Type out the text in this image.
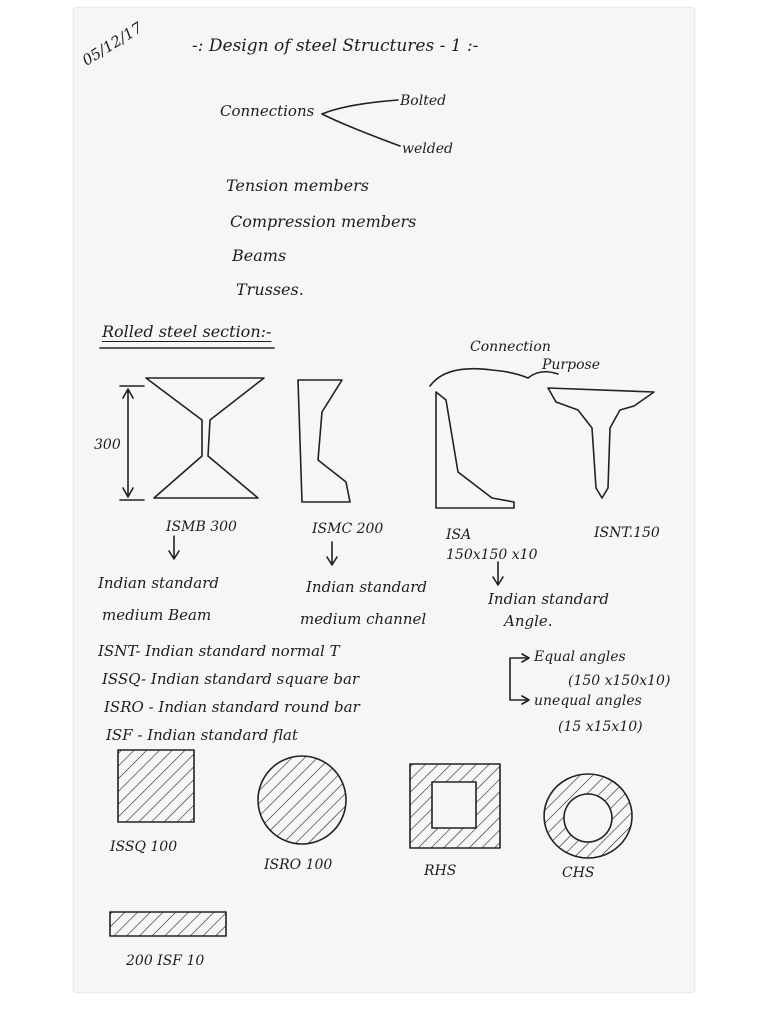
05/12/17	-: Design of steel Structures - 1 :-
Connections
Bolted
welded
Tension members
Compression members
Beams
Trusses.
Rolled steel section:-
Connection
Purpose
300
ISMB 300	ISMC 200	ISA
150x150 x10
ISNT.150
Indian standard
medium Beam
Indian standard
medium channel
Indian standard
Angle.
Equal angles
(150 x150x10)
unequal angles
(15 x15x10)
ISNT- Indian standard normal T
ISSQ- Indian standard square bar
ISRO - Indian standard round bar
ISF - Indian standard flat
ISSQ 100
ISRO 100	RHS	CHS
200 ISF 10
